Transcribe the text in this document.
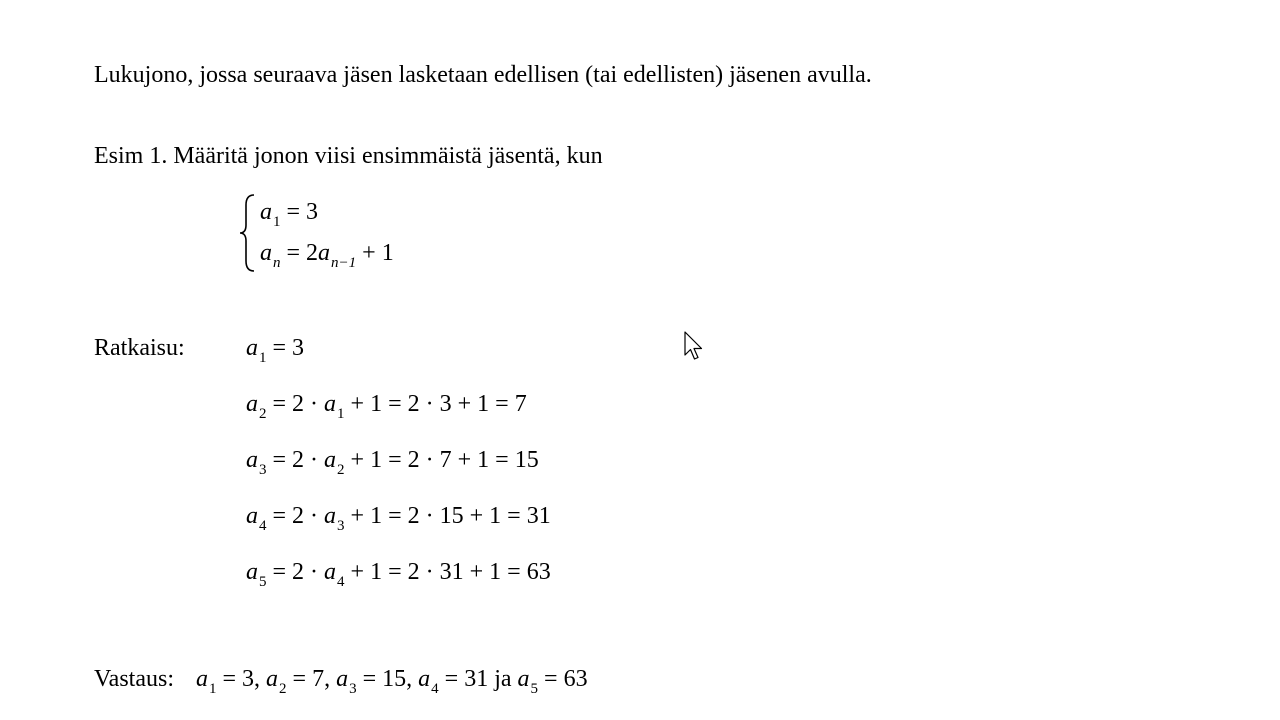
Lukujono, jossa seuraava jäsen lasketaan edellisen (tai edellisten) jäsenen avulla.
Esim 1. Määritä jonon viisi ensimmäistä jäsentä, kun
$a_1 = 3$
$a_n = 2a_{n-1} + 1$
Ratkaisu:	$a_1 = 3$
$a_2 = 2 \cdot a_1 + 1 = 2 \cdot 3 + 1 = 7$
$a_3 = 2 \cdot a_2 + 1 = 2 \cdot 7 + 1 = 15$
$a_4 = 2 \cdot a_3 + 1 = 2 \cdot 15 + 1 = 31$
$a_5 = 2 \cdot a_4 + 1 = 2 \cdot 31 + 1 = 63$
Vastaus: $a_1 = 3$, $a_2 = 7$, $a_3 = 15$, $a_4 = 31$ ja $a_5 = 63$
